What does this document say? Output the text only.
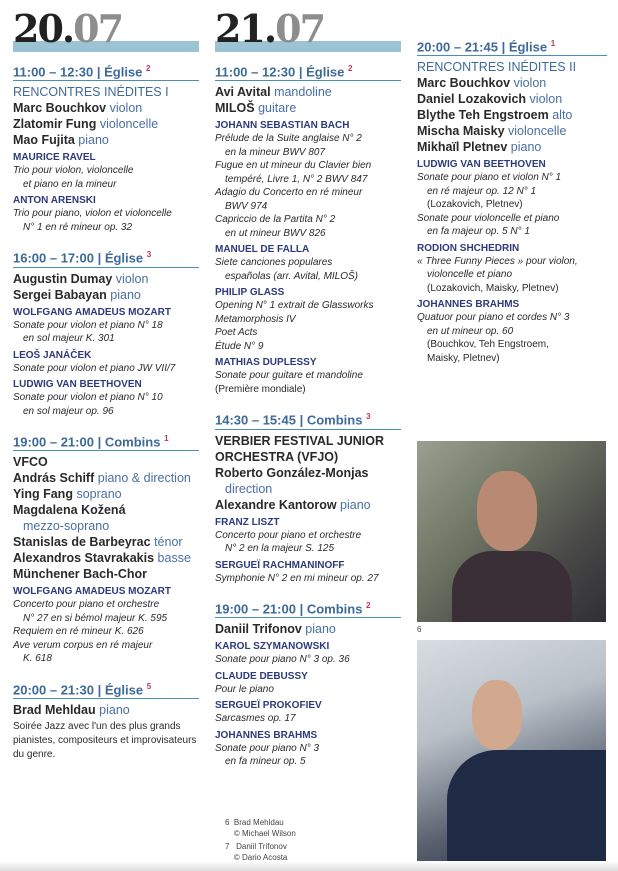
20.07
11:00 – 12:30 | Église $^2$
RENCONTRES INÉDITES I
Marc Bouchkov violon
Zlatomir Fung violoncelle
Mao Fujita piano
MAURICE RAVEL
Trio pour violon, violoncelle
et piano en la mineur
ANTON ARENSKI
Trio pour piano, violon et violoncelle
N° 1 en ré mineur op. 32
16:00 – 17:00 | Église $^3$
Augustin Dumay violon
Sergei Babayan piano
WOLFGANG AMADEUS MOZART
Sonate pour violon et piano N° 18
en sol majeur K. 301
LEOŠ JANÁČEK
Sonate pour violon et piano JW VII/7
LUDWIG VAN BEETHOVEN
Sonate pour violon et piano N° 10
en sol majeur op. 96
19:00 – 21:00 | Combins $^1$
VFCO
András Schiff piano & direction
Ying Fang soprano
Magdalena Kožená
mezzo-soprano
Stanislas de Barbeyrac ténor
Alexandros Stavrakakis basse
Münchener Bach-Chor
WOLFGANG AMADEUS MOZART
Concerto pour piano et orchestre
N° 27 en si bémol majeur K. 595
Requiem en ré mineur K. 626
Ave verum corpus en ré majeur
K. 618
20:00 – 21:30 | Église $^5$
Brad Mehldau piano
Soirée Jazz avec l'un des plus grands pianistes, compositeurs et improvisateurs du genre.
21.07
11:00 – 12:30 | Église $^2$
Avi Avital mandoline
MILOŠ guitare
JOHANN SEBASTIAN BACH
Prélude de la Suite anglaise N° 2
en la mineur BWV 807
Fugue en ut mineur du Clavier bien
tempéré, Livre 1, N° 2 BWV 847
Adagio du Concerto en ré mineur
BWV 974
Capriccio de la Partita N° 2
en ut mineur BWV 826
MANUEL DE FALLA
Siete canciones populares
españolas (arr. Avital, MILOŠ)
PHILIP GLASS
Opening N° 1 extrait de Glassworks
Metamorphosis IV
Poet Acts
Étude N° 9
MATHIAS DUPLESSY
Sonate pour guitare et mandoline
(Première mondiale)
14:30 – 15:45 | Combins $^3$
VERBIER FESTIVAL JUNIOR ORCHESTRA (VFJO)
Roberto González-Monjas
direction
Alexandre Kantorow piano
FRANZ LISZT
Concerto pour piano et orchestre
N° 2 en la majeur S. 125
SERGUEÏ RACHMANINOFF
Symphonie N° 2 en mi mineur op. 27
19:00 – 21:00 | Combins $^2$
Daniil Trifonov piano
KAROL SZYMANOWSKI
Sonate pour piano N° 3 op. 36
CLAUDE DEBUSSY
Pour le piano
SERGUEÏ PROKOFIEV
Sarcasmes op. 17
JOHANNES BRAHMS
Sonate pour piano N° 3
en fa mineur op. 5
20:00 – 21:45 | Église $^1$
RENCONTRES INÉDITES II
Marc Bouchkov violon
Daniel Lozakovich violon
Blythe Teh Engstroem alto
Mischa Maisky violoncelle
Mikhaïl Pletnev piano
LUDWIG VAN BEETHOVEN
Sonate pour piano et violon N° 1
en ré majeur op. 12 N° 1
(Lozakovich, Pletnev)
Sonate pour violoncelle et piano
en fa majeur op. 5 N° 1
RODION SHCHEDRIN
« Three Funny Pieces » pour violon,
violoncelle et piano
(Lozakovich, Maisky, Pletnev)
JOHANNES BRAHMS
Quatuor pour piano et cordes N° 3
en ut mineur op. 60
(Bouchkov, Teh Engstroem,
Maisky, Pletnev)
6
6 Brad Mehldau
© Michael Wilson
7 Daniil Trifonov
© Dario Acosta
